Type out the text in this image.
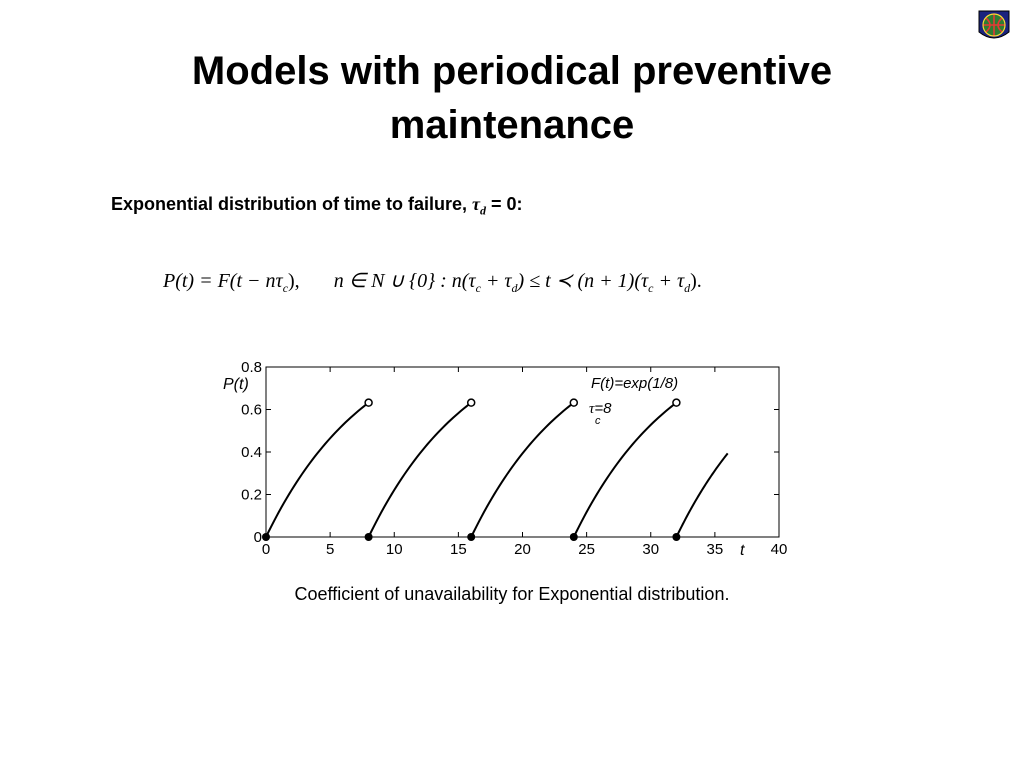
Models with periodical preventive
maintenance
Exponential distribution of time to failure, $\tau_d = 0$:
$P(t) = F(t - n\tau_c)$, n ∈ N ∪ {0} : $n(\tau_c + \tau_d) \le t$ ≺ $(n + 1)(\tau_c + \tau_d)$.
0	5	10	15	20	25	30	35	40
0
0.2
0.4
0.6
0.8
P(t)
t
F(t)=exp(1/8)
τ=8
c
Coefficient of unavailability for Exponential distribution.
